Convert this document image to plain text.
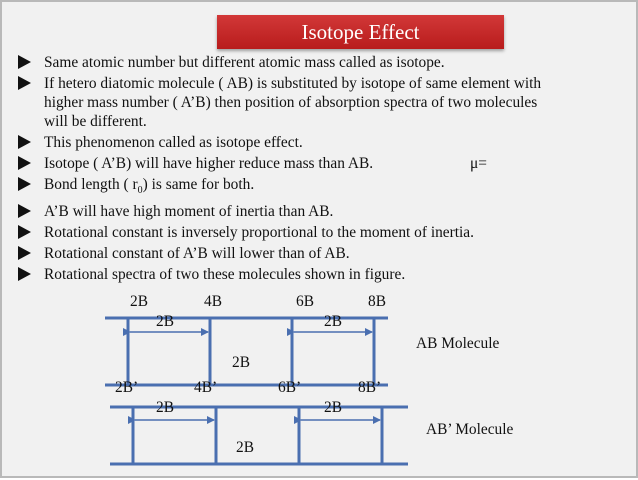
Isotope Effect
Same atomic number but different atomic mass called as isotope.
If hetero diatomic molecule ( AB) is substituted by isotope of same element with
higher mass number ( A’B) then position of absorption spectra of two molecules
will be different.
This phenomenon called as isotope effect.
Isotope ( A’B) will have higher reduce mass than AB.	μ=
Bond length ( $r_0$) is same for both.
A’B will have high moment of inertia than AB.
Rotational constant is inversely proportional to the moment of inertia.
Rotational constant of A’B will lower than of AB.
Rotational spectra of two these molecules shown in figure.
2B	4B	6B	8B
2B	2B
2B
AB Molecule
2B’	4B’	6B’	8B’
2B	2B
2B
AB’ Molecule
